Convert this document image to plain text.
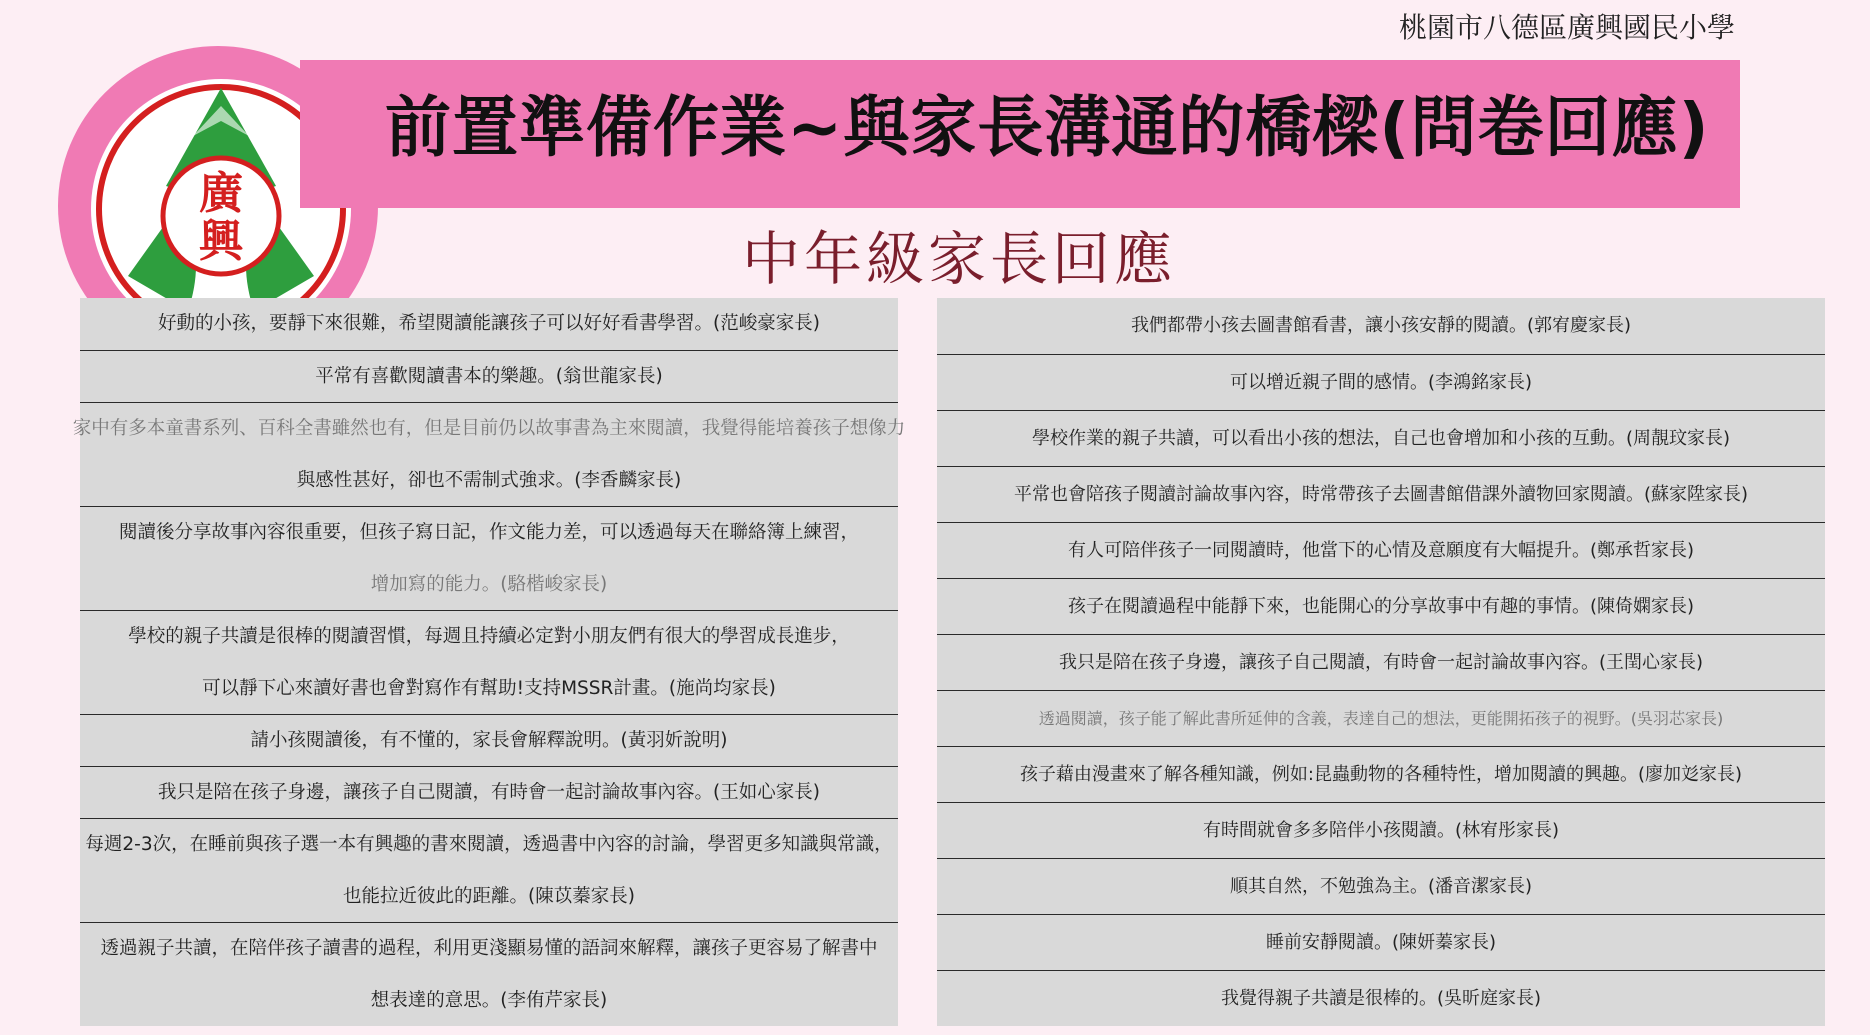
桃園市八德區廣興國民小學
廣
興
前置準備作業~與家長溝通的橋樑(問卷回應)
中年級家長回應
好動的小孩，要靜下來很難，希望閱讀能讓孩子可以好好看書學習。(范峻豪家長)
平常有喜歡閱讀書本的樂趣。(翁世龍家長)
家中有多本童書系列、百科全書雖然也有，但是目前仍以故事書為主來閱讀，我覺得能培養孩子想像力
與感性甚好，卻也不需制式強求。(李香麟家長)
閱讀後分享故事內容很重要，但孩子寫日記，作文能力差，可以透過每天在聯絡簿上練習，
增加寫的能力。(駱楷峻家長)
學校的親子共讀是很棒的閱讀習慣，每週且持續必定對小朋友們有很大的學習成長進步，
可以靜下心來讀好書也會對寫作有幫助!支持MSSR計畫。(施尚均家長)
請小孩閱讀後，有不懂的，家長會解釋說明。(黃羽妡說明)
我只是陪在孩子身邊，讓孩子自己閱讀，有時會一起討論故事內容。(王如心家長)
每週2-3次，在睡前與孩子選一本有興趣的書來閱讀，透過書中內容的討論，學習更多知識與常識，
也能拉近彼此的距離。(陳苡蓁家長)
透過親子共讀，在陪伴孩子讀書的過程，利用更淺顯易懂的語詞來解釋，讓孩子更容易了解書中
想表達的意思。(李侑芹家長)
我們都帶小孩去圖書館看書，讓小孩安靜的閱讀。(郭宥慶家長)
可以增近親子間的感情。(李鴻銘家長)
學校作業的親子共讀，可以看出小孩的想法，自己也會增加和小孩的互動。(周靚玟家長)
平常也會陪孩子閱讀討論故事內容，時常帶孩子去圖書館借課外讀物回家閱讀。(蘇家陞家長)
有人可陪伴孩子一同閱讀時，他當下的心情及意願度有大幅提升。(鄭承哲家長)
孩子在閱讀過程中能靜下來，也能開心的分享故事中有趣的事情。(陳倚嫻家長)
我只是陪在孩子身邊，讓孩子自己閱讀，有時會一起討論故事內容。(王閏心家長)
透過閱讀，孩子能了解此書所延伸的含義，表達自己的想法，更能開拓孩子的視野。(吳羽芯家長)
孩子藉由漫畫來了解各種知識，例如:昆蟲動物的各種特性，增加閱讀的興趣。(廖加彣家長)
有時間就會多多陪伴小孩閱讀。(林宥彤家長)
順其自然，不勉強為主。(潘音潔家長)
睡前安靜閱讀。(陳妍蓁家長)
我覺得親子共讀是很棒的。(吳昕庭家長)
